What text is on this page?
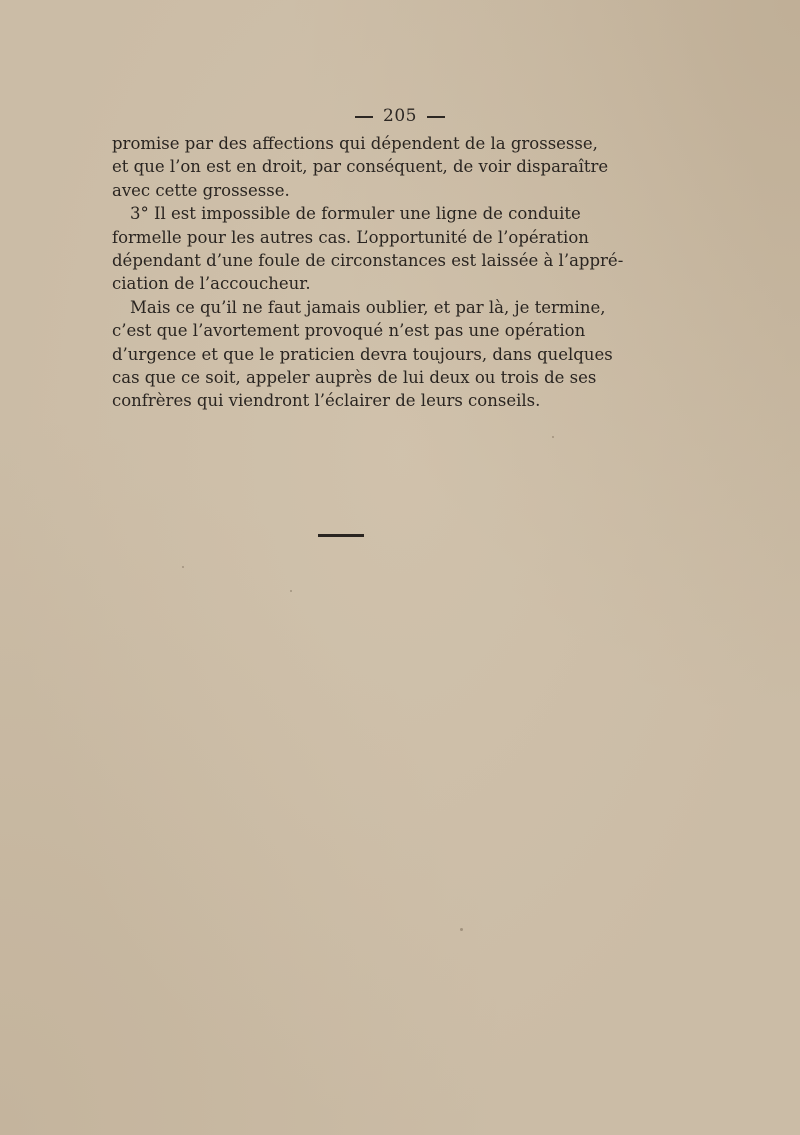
205
promise par des affections qui dépendent de la grossesse,
et que l’on est en droit, par conséquent, de voir disparaître
avec cette grossesse.
3° Il est impossible de formuler une ligne de conduite
formelle pour les autres cas. L’opportunité de l’opération
dépendant d’une foule de circonstances est laissée à l’appré-
ciation de l’accoucheur.
Mais ce qu’il ne faut jamais oublier, et par là, je termine,
c’est que l’avortement provoqué n’est pas une opération
d’urgence et que le praticien devra toujours, dans quelques
cas que ce soit, appeler auprès de lui deux ou trois de ses
confrères qui viendront l’éclairer de leurs conseils.
